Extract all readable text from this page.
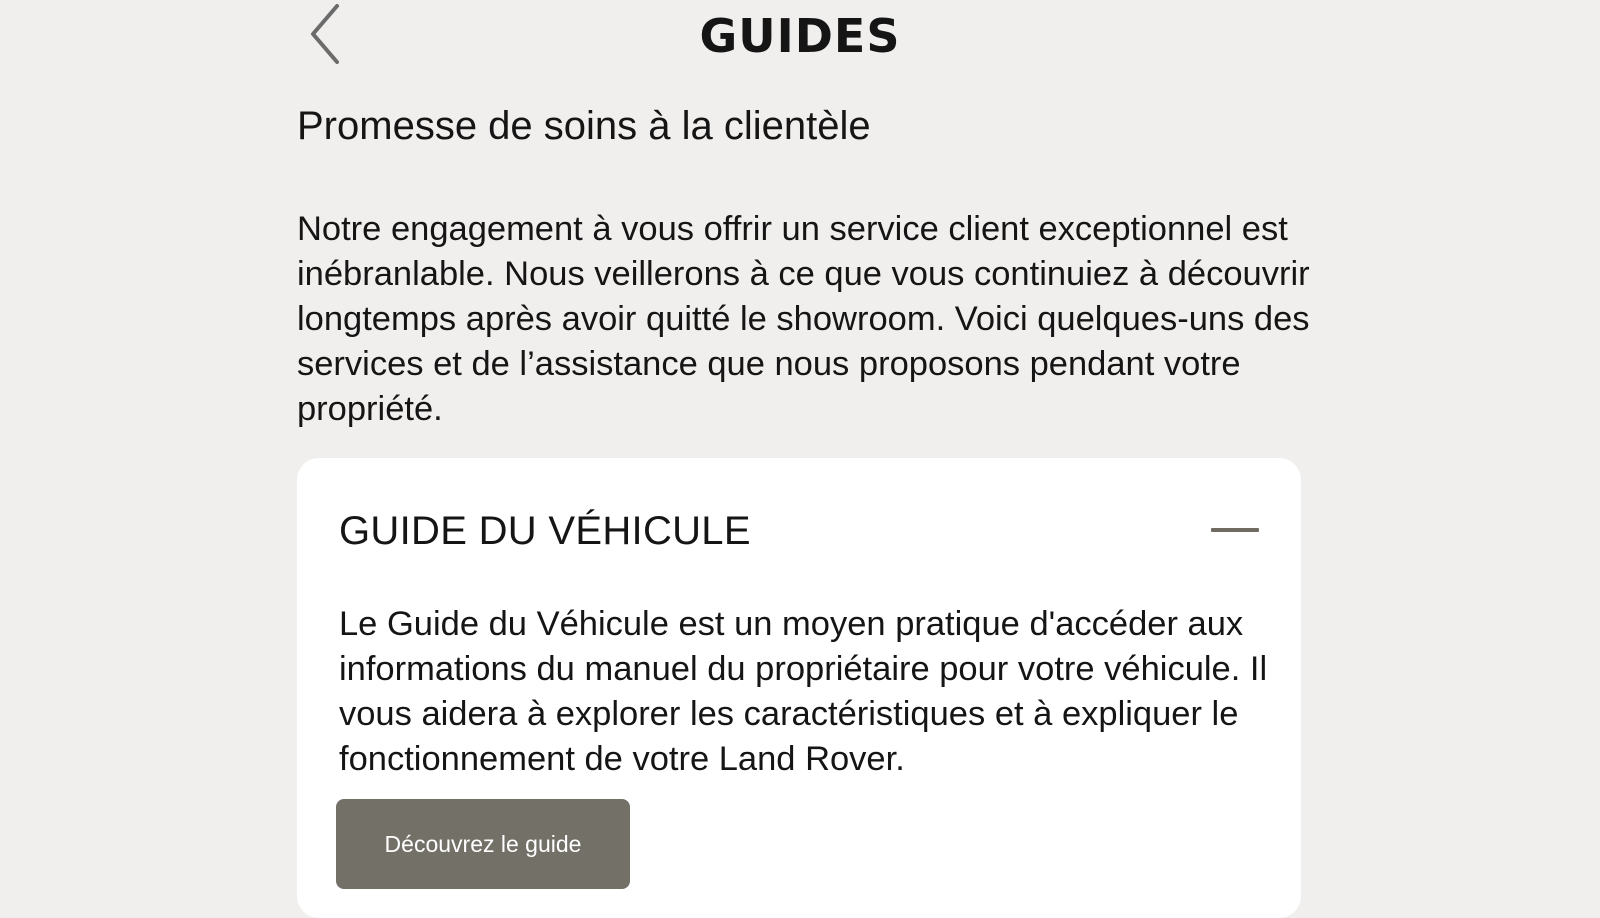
GUIDES
Promesse de soins à la clientèle

Notre engagement à vous offrir un service client exceptionnel est inébranlable. Nous veillerons à ce que vous continuiez à découvrir longtemps après avoir quitté le showroom. Voici quelques-uns des services et de l’assistance que nous proposons pendant votre propriété.

GUIDE DU VÉHICULE

Le Guide du Véhicule est un moyen pratique d'accéder aux informations du manuel du propriétaire pour votre véhicule. Il vous aidera à explorer les caractéristiques et à expliquer le fonctionnement de votre Land Rover.

Découvrez le guide
